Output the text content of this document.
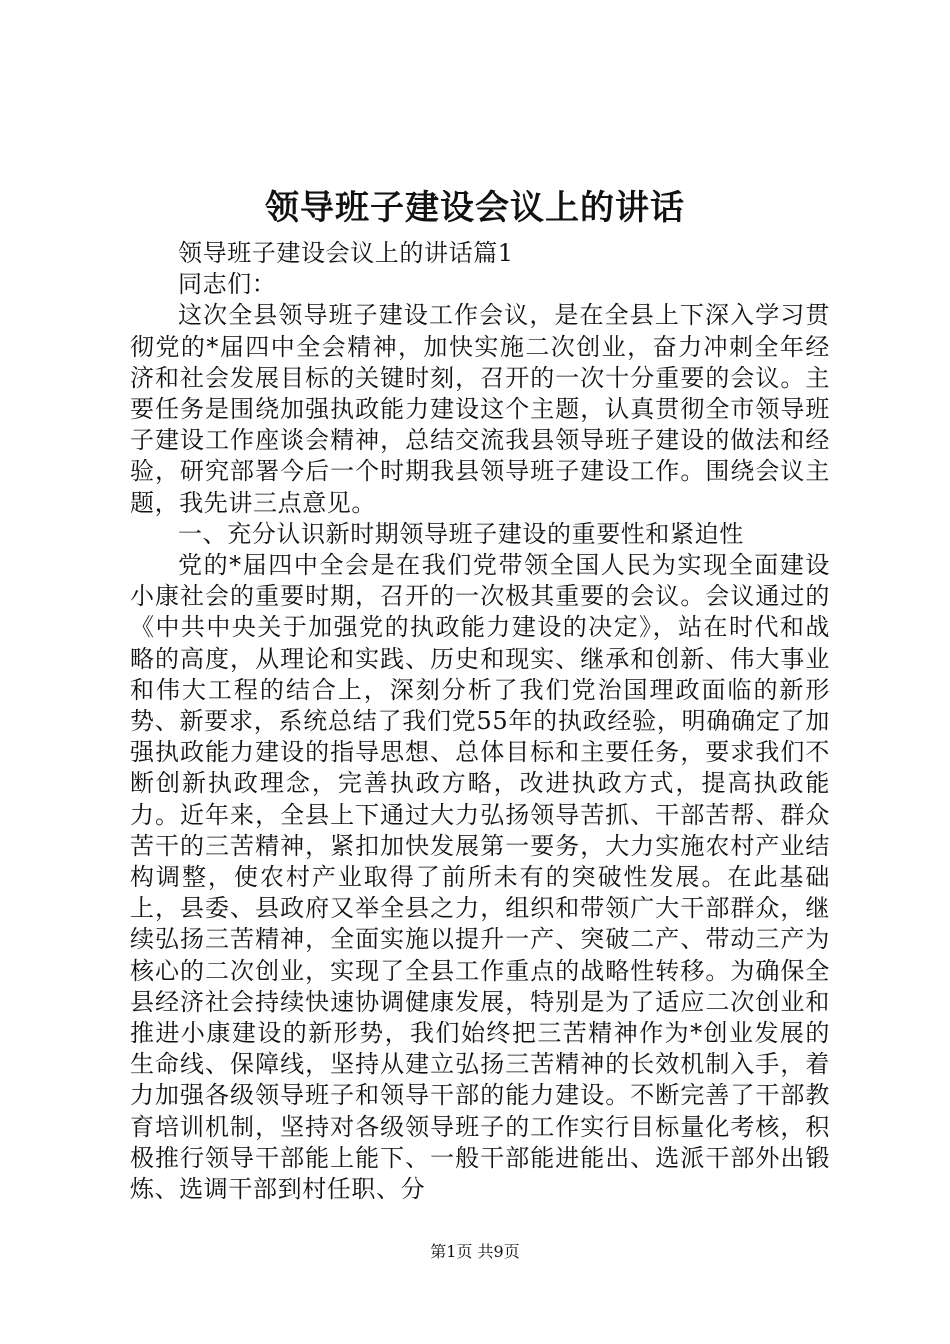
领导班子建设会议上的讲话

领导班子建设会议上的讲话篇1

同志们：

这次全县领导班子建设工作会议，是在全县上下深入学习贯彻党的*届四中全会精神，加快实施二次创业，奋力冲刺全年经济和社会发展目标的关键时刻，召开的一次十分重要的会议。主要任务是围绕加强执政能力建设这个主题，认真贯彻全市领导班子建设工作座谈会精神，总结交流我县领导班子建设的做法和经验，研究部署今后一个时期我县领导班子建设工作。围绕会议主题，我先讲三点意见。

一、充分认识新时期领导班子建设的重要性和紧迫性

党的*届四中全会是在我们党带领全国人民为实现全面建设小康社会的重要时期，召开的一次极其重要的会议。会议通过的《中共中央关于加强党的执政能力建设的决定》，站在时代和战略的高度，从理论和实践、历史和现实、继承和创新、伟大事业和伟大工程的结合上，深刻分析了我们党治国理政面临的新形势、新要求，系统总结了我们党55年的执政经验，明确确定了加强执政能力建设的指导思想、总体目标和主要任务，要求我们不断创新执政理念，完善执政方略，改进执政方式，提高执政能力。近年来，全县上下通过大力弘扬领导苦抓、干部苦帮、群众苦干的三苦精神，紧扣加快发展第一要务，大力实施农村产业结构调整，使农村产业取得了前所未有的突破性发展。在此基础上，县委、县政府又举全县之力，组织和带领广大干部群众，继续弘扬三苦精神，全面实施以提升一产、突破二产、带动三产为核心的二次创业，实现了全县工作重点的战略性转移。为确保全县经济社会持续快速协调健康发展，特别是为了适应二次创业和推进小康建设的新形势，我们始终把三苦精神作为*创业发展的生命线、保障线，坚持从建立弘扬三苦精神的长效机制入手，着力加强各级领导班子和领导干部的能力建设。不断完善了干部教育培训机制，坚持对各级领导班子的工作实行目标量化考核，积极推行领导干部能上能下、一般干部能进能出、选派干部外出锻炼、选调干部到村任职、分

第1页 共9页
